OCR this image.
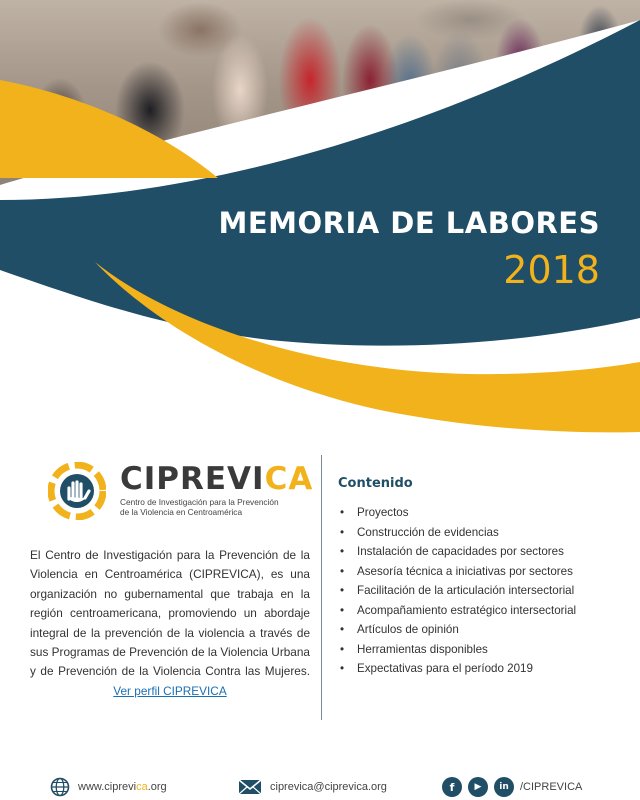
MEMORIA DE LABORES
2018
CIPREVICA
Centro de Investigación para la Prevención
de la Violencia en Centroamérica

El Centro de Investigación para la Prevención de la Violencia en Centroamérica (CIPREVICA), es una organización no gubernamental que trabaja en la región centroamericana, promoviendo un abordaje integral de la prevención de la violencia a través de sus Programas de Prevención de la Violencia Urbana y de Prevención de la Violencia Contra las Mujeres. Ver perfil CIPREVICA

Contenido
• Proyectos
• Construcción de evidencias
• Instalación de capacidades por sectores
• Asesoría técnica a iniciativas por sectores
• Facilitación de la articulación intersectorial
• Acompañamiento estratégico intersectorial
• Artículos de opinión
• Herramientas disponibles
• Expectativas para el período 2019
www.ciprevi ca .org	ciprevica@ciprevica.org	f	▶	in	/CIPREVICA
